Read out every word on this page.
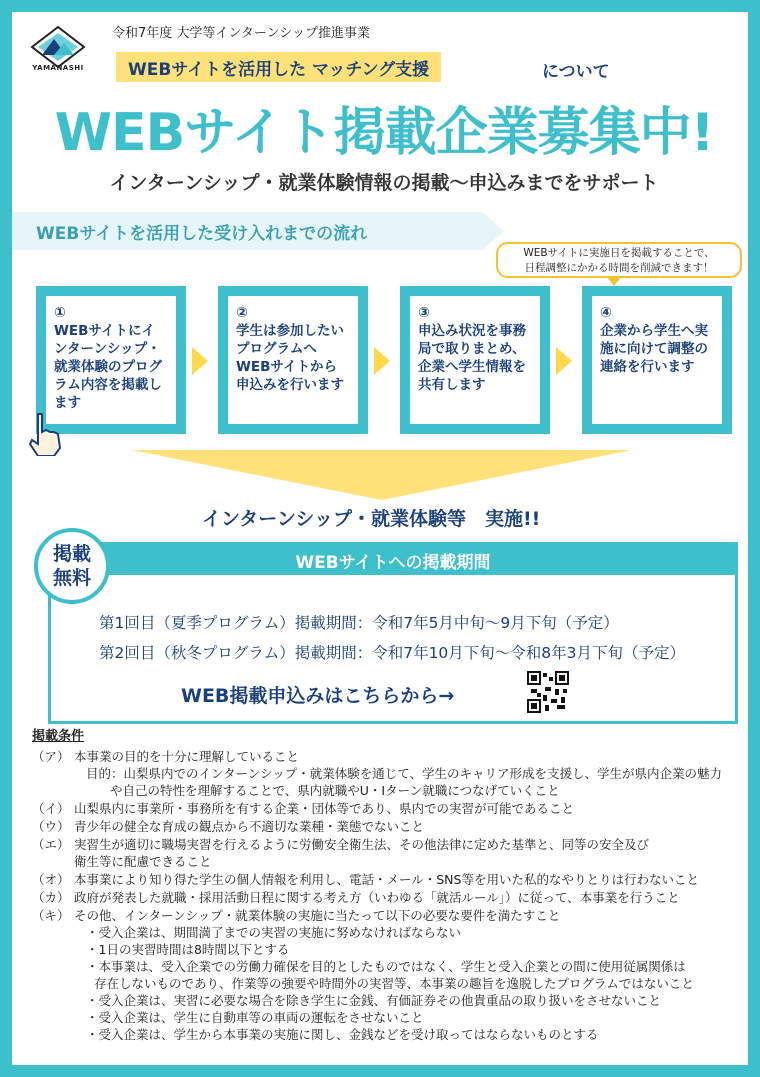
YAMANASHI
令和7年度 大学等インターンシップ推進事業
WEBサイトを活用した マッチング支援	について
WEBサイト掲載企業募集中!
インターンシップ・就業体験情報の掲載〜申込みまでをサポート
WEBサイトを活用した受け入れまでの流れ
WEBサイトに実施日を掲載することで、
日程調整にかかる時間を削減できます！
①
WEBサイトにインターンシップ・就業体験のプログラム内容を掲載します
②
学生は参加したいプログラムへWEBサイトから申込みを行います
③
申込み状況を事務局で取りまとめ、企業へ学生情報を共有します
④
企業から学生へ実施に向けて調整の連絡を行います
インターンシップ・就業体験等　実施!!
掲載
無料
WEBサイトへの掲載期間
第1回目（夏季プログラム）掲載期間：令和7年5月中旬〜9月下旬（予定）
第2回目（秋冬プログラム）掲載期間：令和7年10月下旬〜令和8年3月下旬（予定）
WEB掲載申込みはこちらから→
掲載条件
（ア） 本事業の目的を十分に理解していること
目的：山梨県内でのインターンシップ・就業体験を通じて、学生のキャリア形成を支援し、学生が県内企業の魅力
や自己の特性を理解することで、県内就職やU・Iターン就職につなげていくこと
（イ） 山梨県内に事業所・事務所を有する企業・団体等であり、県内での実習が可能であること
（ウ） 青少年の健全な育成の観点から不適切な業種・業態でないこと
（エ） 実習生が適切に職場実習を行えるように労働安全衛生法、その他法律に定めた基準と、同等の安全及び
衛生等に配慮できること
（オ） 本事業により知り得た学生の個人情報を利用し、電話・メール・SNS等を用いた私的なやりとりは行わないこと
（カ） 政府が発表した就職・採用活動日程に関する考え方（いわゆる「就活ルール」）に従って、本事業を行うこと
（キ） その他、インターンシップ・就業体験の実施に当たって以下の必要な要件を満たすこと
・受入企業は、期間満了までの実習の実施に努めなければならない
・1日の実習時間は8時間以下とする
・本事業は、受入企業での労働力確保を目的としたものではなく、学生と受入企業との間に使用従属関係は
存在しないものであり、作業等の強要や時間外の実習等、本事業の趣旨を逸脱したプログラムではないこと
・受入企業は、実習に必要な場合を除き学生に金銭、有価証券その他貴重品の取り扱いをさせないこと
・受入企業は、学生に自動車等の車両の運転をさせないこと
・受入企業は、学生から本事業の実施に関し、金銭などを受け取ってはならないものとする
